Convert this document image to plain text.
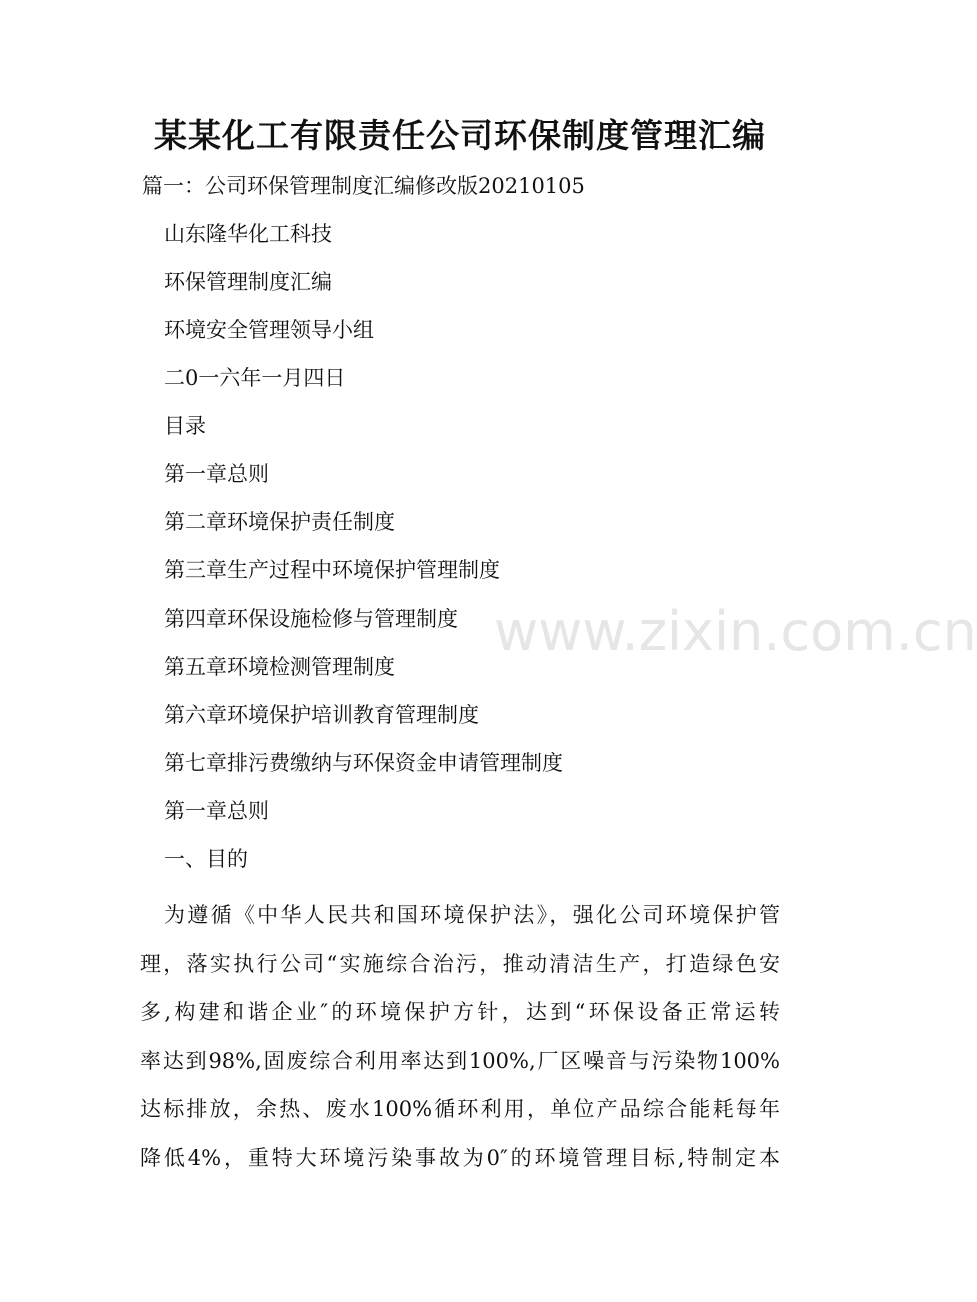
www.zixin.com.cn
某某化工有限责任公司环保制度管理汇编

篇一：公司环保管理制度汇编修改版20210105

山东隆华化工科技

环保管理制度汇编

环境安全管理领导小组

二0一六年一月四日

目录

第一章总则

第二章环境保护责任制度

第三章生产过程中环境保护管理制度

第四章环保设施检修与管理制度

第五章环境检测管理制度

第六章环境保护培训教育管理制度

第七章排污费缴纳与环保资金申请管理制度

第一章总则

一、目的

为遵循《中华人民共和国环境保护法》，强化公司环境保护管
理，落实执行公司“实施综合治污，推动清洁生产，打造绿色安
多,构建和谐企业″的环境保护方针，达到“环保设备正常运转
率达到98%,固废综合利用率达到100%,厂区噪音与污染物100%
达标排放，余热、废水100%循环利用，单位产品综合能耗每年
降低4%，重特大环境污染事故为0″的环境管理目标,特制定本
